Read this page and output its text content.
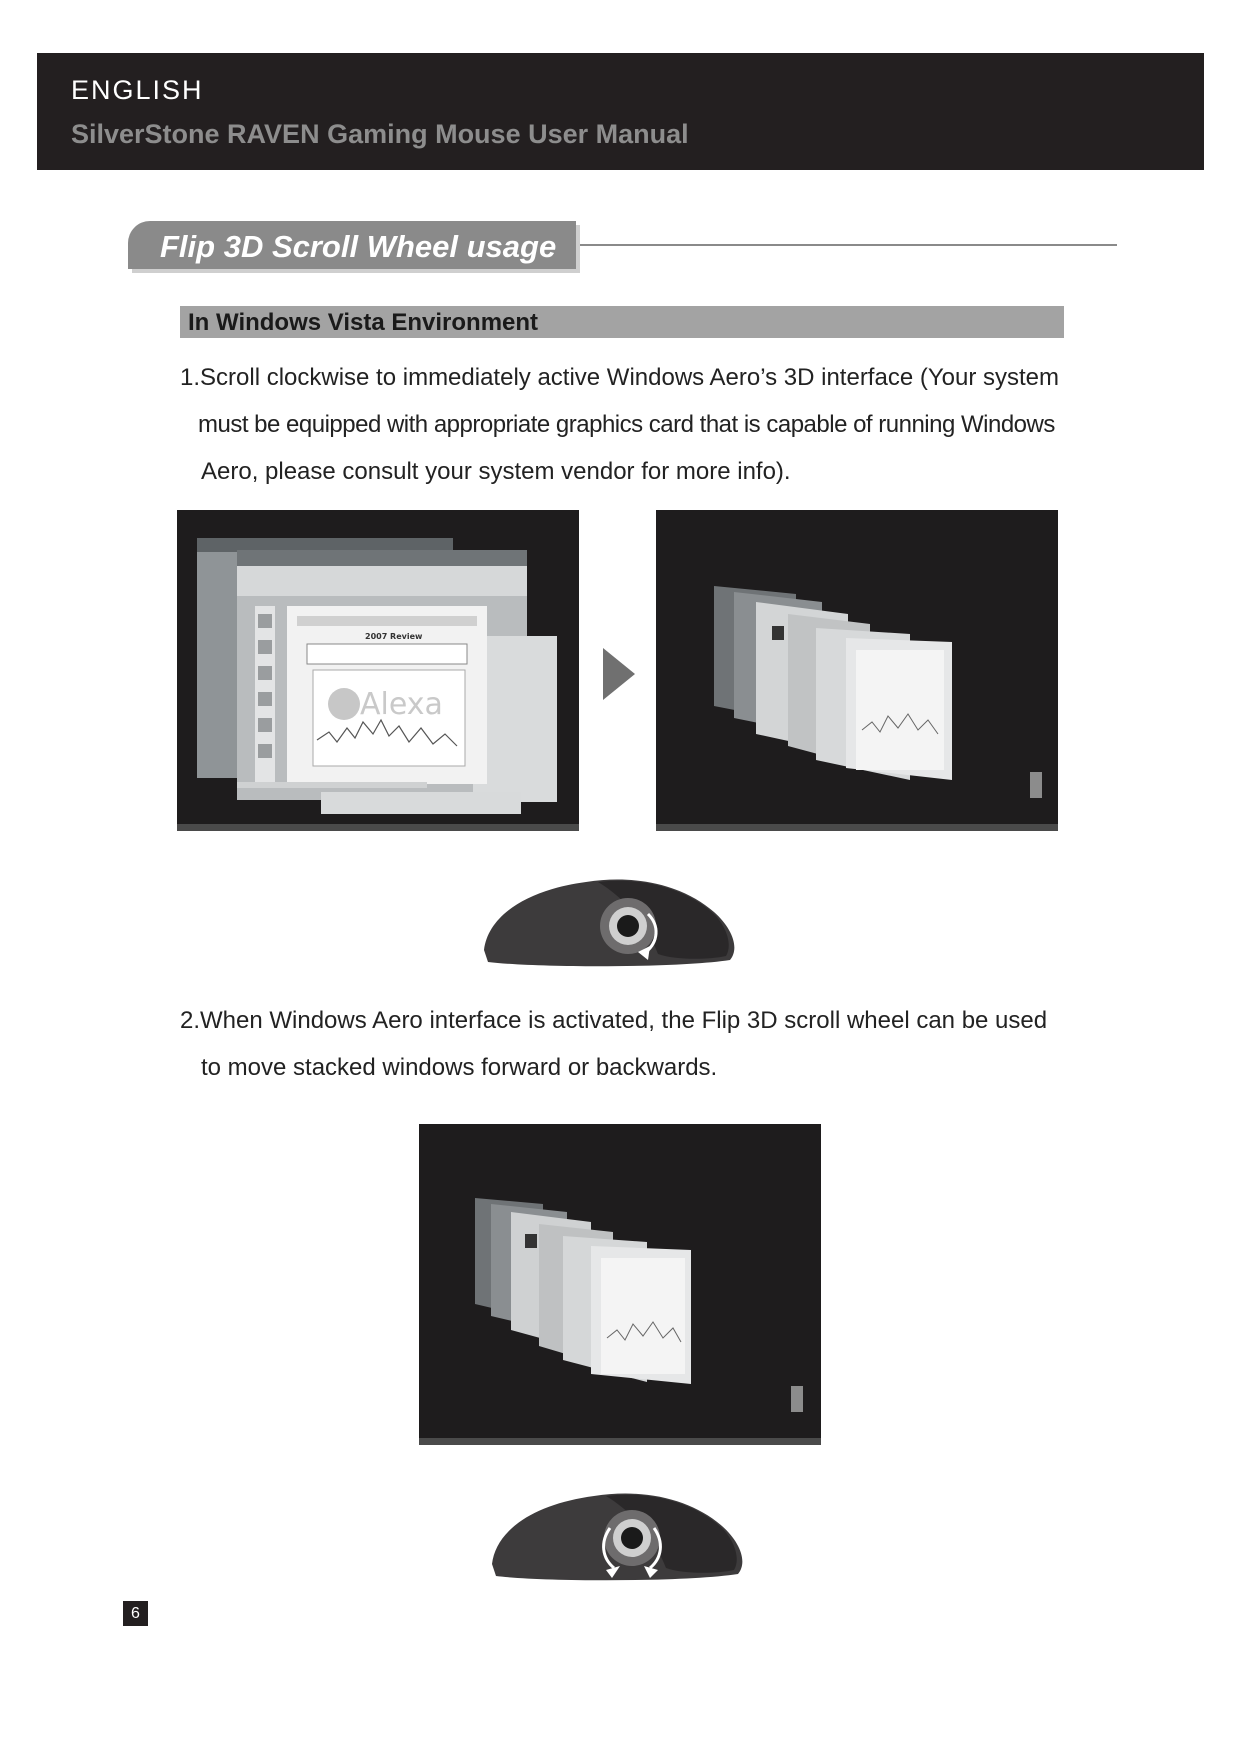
ENGLISH
SilverStone RAVEN Gaming Mouse User Manual
Flip 3D Scroll Wheel usage
In Windows Vista Environment
1.Scroll clockwise to immediately active Windows Aero’s 3D interface (Your system
must be equipped with appropriate graphics card that is capable of running Windows
Aero, please consult your system vendor for more info).
2007 Review
Alexa
2.When Windows Aero interface is activated, the Flip 3D scroll wheel can be used
to move stacked windows forward or backwards.
6
